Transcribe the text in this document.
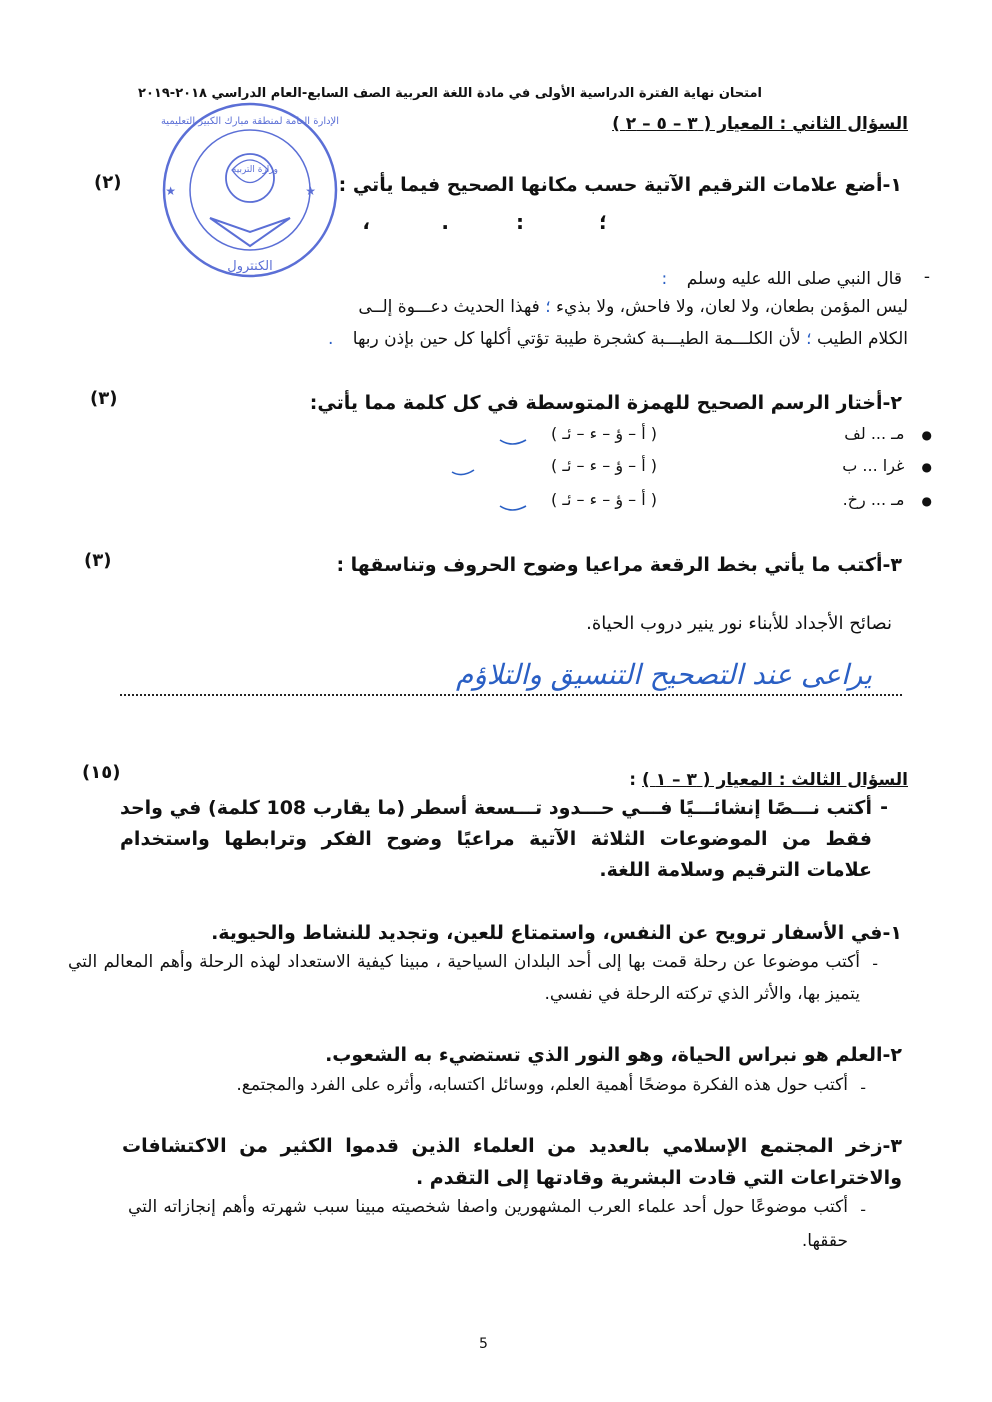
امتحان نهاية الفترة الدراسية الأولى في مادة اللغة العربية الصف السابع-العام الدراسي ٢٠١٨-٢٠١٩
وزارة التربية
الإدارة العامة لمنطقة مبارك الكبير التعليمية
الكنترول
★	★
السؤال الثاني : المعيار ( ٣ – ٥ – ٢ )
١-أضع علامات الترقيم الآتية حسب مكانها الصحيح فيما يأتي :
(٢)
؛
:
.
،
-
قال النبي صلى الله عليه وسلم :
ليس المؤمن بطعان، ولا لعان، ولا فاحش، ولا بذيء ؛ فهذا الحديث دعـــوة إلــى
الكلام الطيب ؛ لأن الكلـــمة الطيـــبة كشجرة طيبة تؤتي أكلها كل حين بإذن ربها .
٢-أختار الرسم الصحيح للهمزة المتوسطة في كل كلمة مما يأتي:
(٣)
● مـ ... لف
( أ – ؤ – ء – ئـ )
● غرا ... ب
( أ – ؤ – ء – ئـ )
● مـ ... رخ.
( أ – ؤ – ء – ئـ )
٣-أكتب ما يأتي بخط الرقعة مراعيا وضوح الحروف وتناسقها :
(٣)
نصائح الأجداد للأبناء نور ينير دروب الحياة.
يراعى عند التصحيح التنسيق والتلاؤم
السؤال الثالث : المعيار ( ٣ – ١ ) :
(١٥)
-
أكتب نـــصًا إنشائـــيًا فـــي حـــدود تـــسعة أسطر (ما يقارب 108 كلمة) في واحد فقط من الموضوعات الثلاثة الآتية مراعيًا وضوح الفكر وترابطها واستخدام علامات الترقيم وسلامة اللغة.
١-في الأسفار ترويح عن النفس، واستمتاع للعين، وتجديد للنشاط والحيوية.
-
أكتب موضوعا عن رحلة قمت بها إلى أحد البلدان السياحية ، مبينا كيفية الاستعداد لهذه الرحلة وأهم المعالم التي يتميز بها، والأثر الذي تركته الرحلة في نفسي.
٢-العلم هو نبراس الحياة، وهو النور الذي تستضيء به الشعوب.
-
أكتب حول هذه الفكرة موضحًا أهمية العلم، ووسائل اكتسابه، وأثره على الفرد والمجتمع.
٣-زخر المجتمع الإسلامي بالعديد من العلماء الذين قدموا الكثير من الاكتشافات والاختراعات التي قادت البشرية وقادتها إلى التقدم .
-
أكتب موضوعًا حول أحد علماء العرب المشهورين واصفا شخصيته مبينا سبب شهرته وأهم إنجازاته التي حققها.
5
